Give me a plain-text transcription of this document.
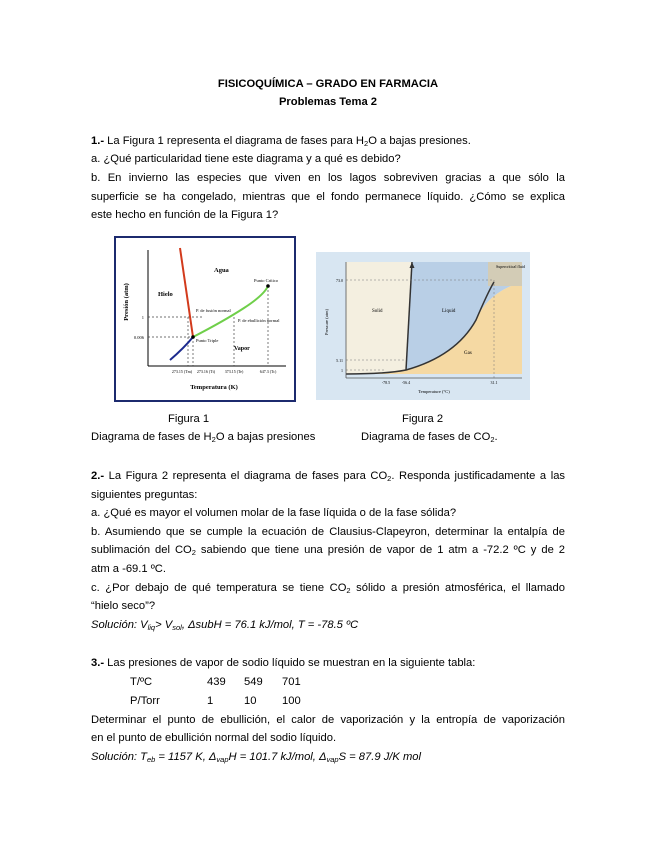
FISICOQUÍMICA – GRADO EN FARMACIA
Problemas Tema 2
1.- La Figura 1 representa el diagrama de fases para $H_2O$ a bajas presiones.
a. ¿Qué particularidad tiene este diagrama y a qué es debido?
b. En invierno las especies que viven en los lagos sobreviven gracias a que sólo la
superficie se ha congelado, mientras que el fondo permanece líquido. ¿Cómo se explica
este hecho en función de la Figura 1?
Presión (atm)
Agua
Hielo
Punto Crítico
P. de fusión normal
P. de ebullición normal
Punto Triple
Vapor
1
0.006
273.15 (Tm) 273.16 (Tt) 373.15 (Te)	647.3 (Tc)
Temperatura (K)
Pressure (atm)
Supercritical fluid
Solid	Liquid
Gas
73.0
5.11
1
-78.5	-56.4	31.1
Temperature (°C)
Figura 1
Diagrama de fases de $H_2O$ a bajas presiones
Figura 2
Diagrama de fases de $CO_2$.
2.- La Figura 2 representa el diagrama de fases para $CO_2$. Responda justificadamente a las
siguientes preguntas:
a. ¿Qué es mayor el volumen molar de la fase líquida o de la fase sólida?
b. Asumiendo que se cumple la ecuación de Clausius-Clapeyron, determinar la entalpía de
sublimación del $CO_2$ sabiendo que tiene una presión de vapor de 1 atm a -72.2 ºC y de 2
atm a -69.1 ºC.
c. ¿Por debajo de qué temperatura se tiene $CO_2$ sólido a presión atmosférica, el llamado
“hielo seco”?
Solución: $V_{liq}> V_{sol}$, ΔsubH = 76.1 kJ/mol, T = -78.5 ºC
3.- Las presiones de vapor de sodio líquido se muestran en la siguiente tabla:
T/ºC	439 549 701
P/Torr	1	10 100
Determinar el punto de ebullición, el calor de vaporización y la entropía de vaporización
en el punto de ebullición normal del sodio líquido.
Solución: $T_{eb} = 1157$ K, $\Delta_{vap}H = 101.7$ kJ/mol, $\Delta_{vap}S = 87.9$ J/K mol
